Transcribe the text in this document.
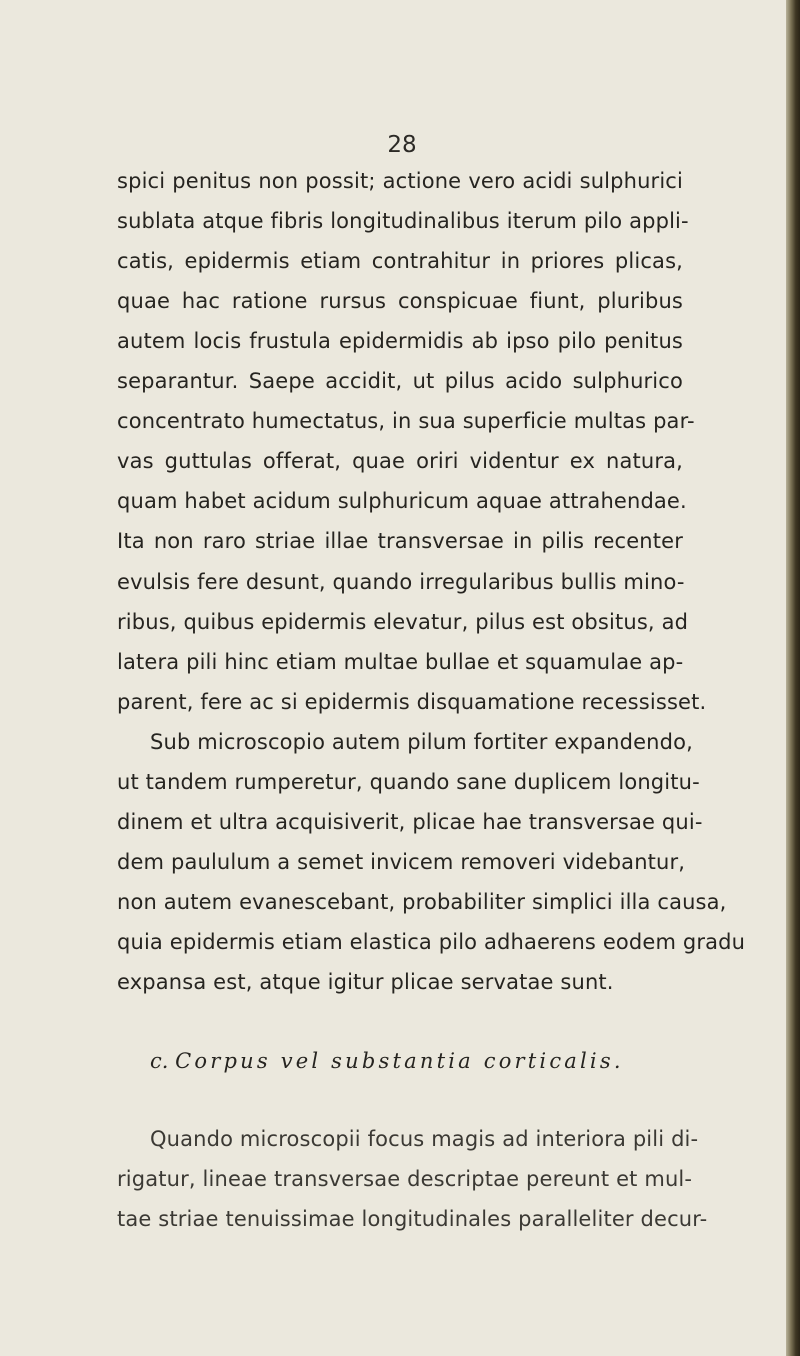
28

spici penitus non possit; actione vero acidi sulphurici

sublata atque fibris longitudinalibus iterum pilo appli-

catis, epidermis etiam contrahitur in priores plicas,

quae hac ratione rursus conspicuae fiunt, pluribus

autem locis frustula epidermidis ab ipso pilo penitus

separantur. Saepe accidit, ut pilus acido sulphurico

concentrato humectatus, in sua superficie multas par-

vas guttulas offerat, quae oriri videntur ex natura,

quam habet acidum sulphuricum aquae attrahendae.

Ita non raro striae illae transversae in pilis recenter

evulsis fere desunt, quando irregularibus bullis mino-

ribus, quibus epidermis elevatur, pilus est obsitus, ad

latera pili hinc etiam multae bullae et squamulae ap-

parent, fere ac si epidermis disquamatione recessisset.

Sub microscopio autem pilum fortiter expandendo,

ut tandem rumperetur, quando sane duplicem longitu-

dinem et ultra acquisiverit, plicae hae transversae qui-

dem paululum a semet invicem removeri videbantur,

non autem evanescebant, probabiliter simplici illa causa,

quia epidermis etiam elastica pilo adhaerens eodem gradu

expansa est, atque igitur plicae servatae sunt.

c. Corpus vel substantia corticalis.

Quando microscopii focus magis ad interiora pili di-

rigatur, lineae transversae descriptae pereunt et mul-

tae striae tenuissimae longitudinales paralleliter decur-
